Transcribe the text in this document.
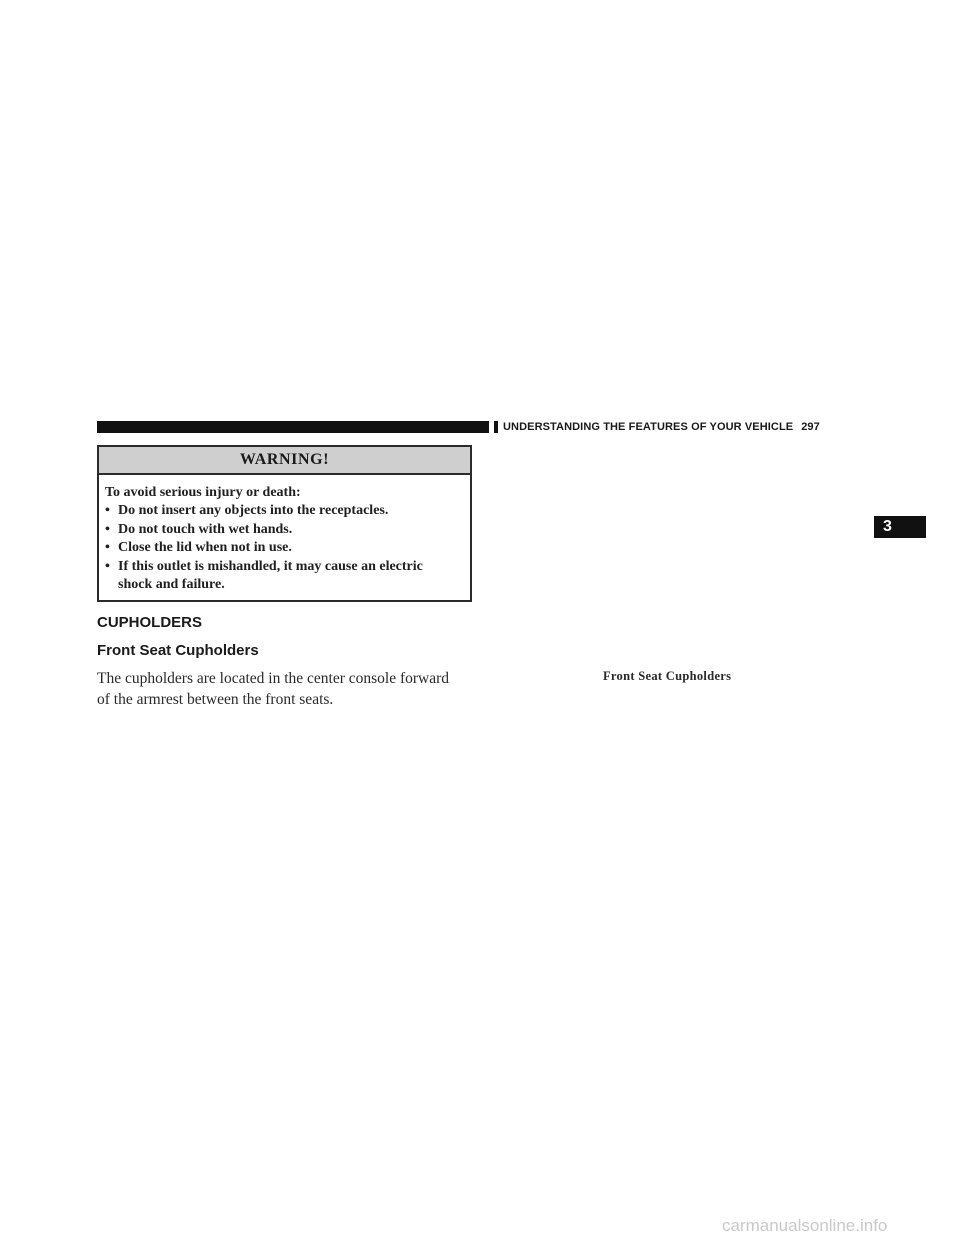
UNDERSTANDING THE FEATURES OF YOUR VEHICLE 297
3
WARNING!
To avoid serious injury or death:
• Do not insert any objects into the receptacles.
• Do not touch with wet hands.
• Close the lid when not in use.
• If this outlet is mishandled, it may cause an electric
shock and failure.
CUPHOLDERS
Front Seat Cupholders
The cupholders are located in the center console forward
of the armrest between the front seats.
Front Seat Cupholders
carmanualsonline.info
